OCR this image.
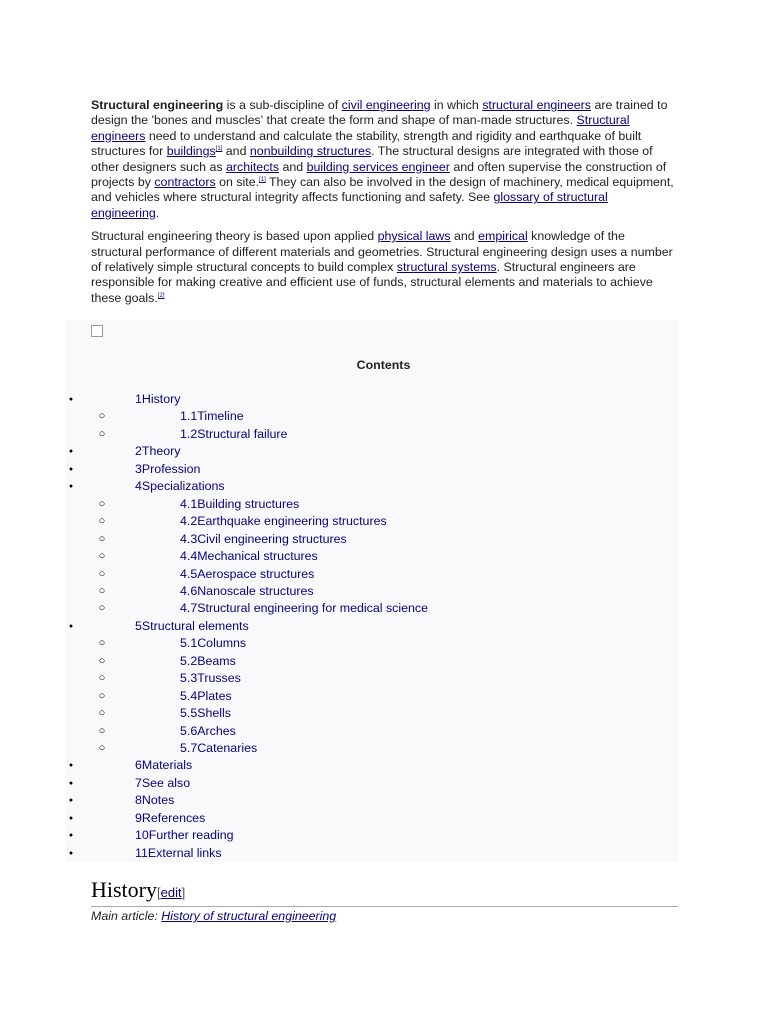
Structural engineering is a sub-discipline of civil engineering in which structural engineers are trained to design the 'bones and muscles' that create the form and shape of man-made structures. Structural engineers need to understand and calculate the stability, strength and rigidity and earthquake of built structures for buildings[1] and nonbuilding structures. The structural designs are integrated with those of other designers such as architects and building services engineer and often supervise the construction of projects by contractors on site.[1] They can also be involved in the design of machinery, medical equipment, and vehicles where structural integrity affects functioning and safety. See glossary of structural engineering.

Structural engineering theory is based upon applied physical laws and empirical knowledge of the structural performance of different materials and geometries. Structural engineering design uses a number of relatively simple structural concepts to build complex structural systems. Structural engineers are responsible for making creative and efficient use of funds, structural elements and materials to achieve these goals.[2]

Contents
●	1History
○	1.1Timeline
○	1.2Structural failure
●	2Theory
●	3Profession
●	4Specializations
○	4.1Building structures
○	4.2Earthquake engineering structures
○	4.3Civil engineering structures
○	4.4Mechanical structures
○	4.5Aerospace structures
○	4.6Nanoscale structures
○	4.7Structural engineering for medical science
●	5Structural elements
○	5.1Columns
○	5.2Beams
○	5.3Trusses
○	5.4Plates
○	5.5Shells
○	5.6Arches
○	5.7Catenaries
●	6Materials
●	7See also
●	8Notes
●	9References
●	10Further reading
●	11External links
History[edit]
Main article: History of structural engineering
